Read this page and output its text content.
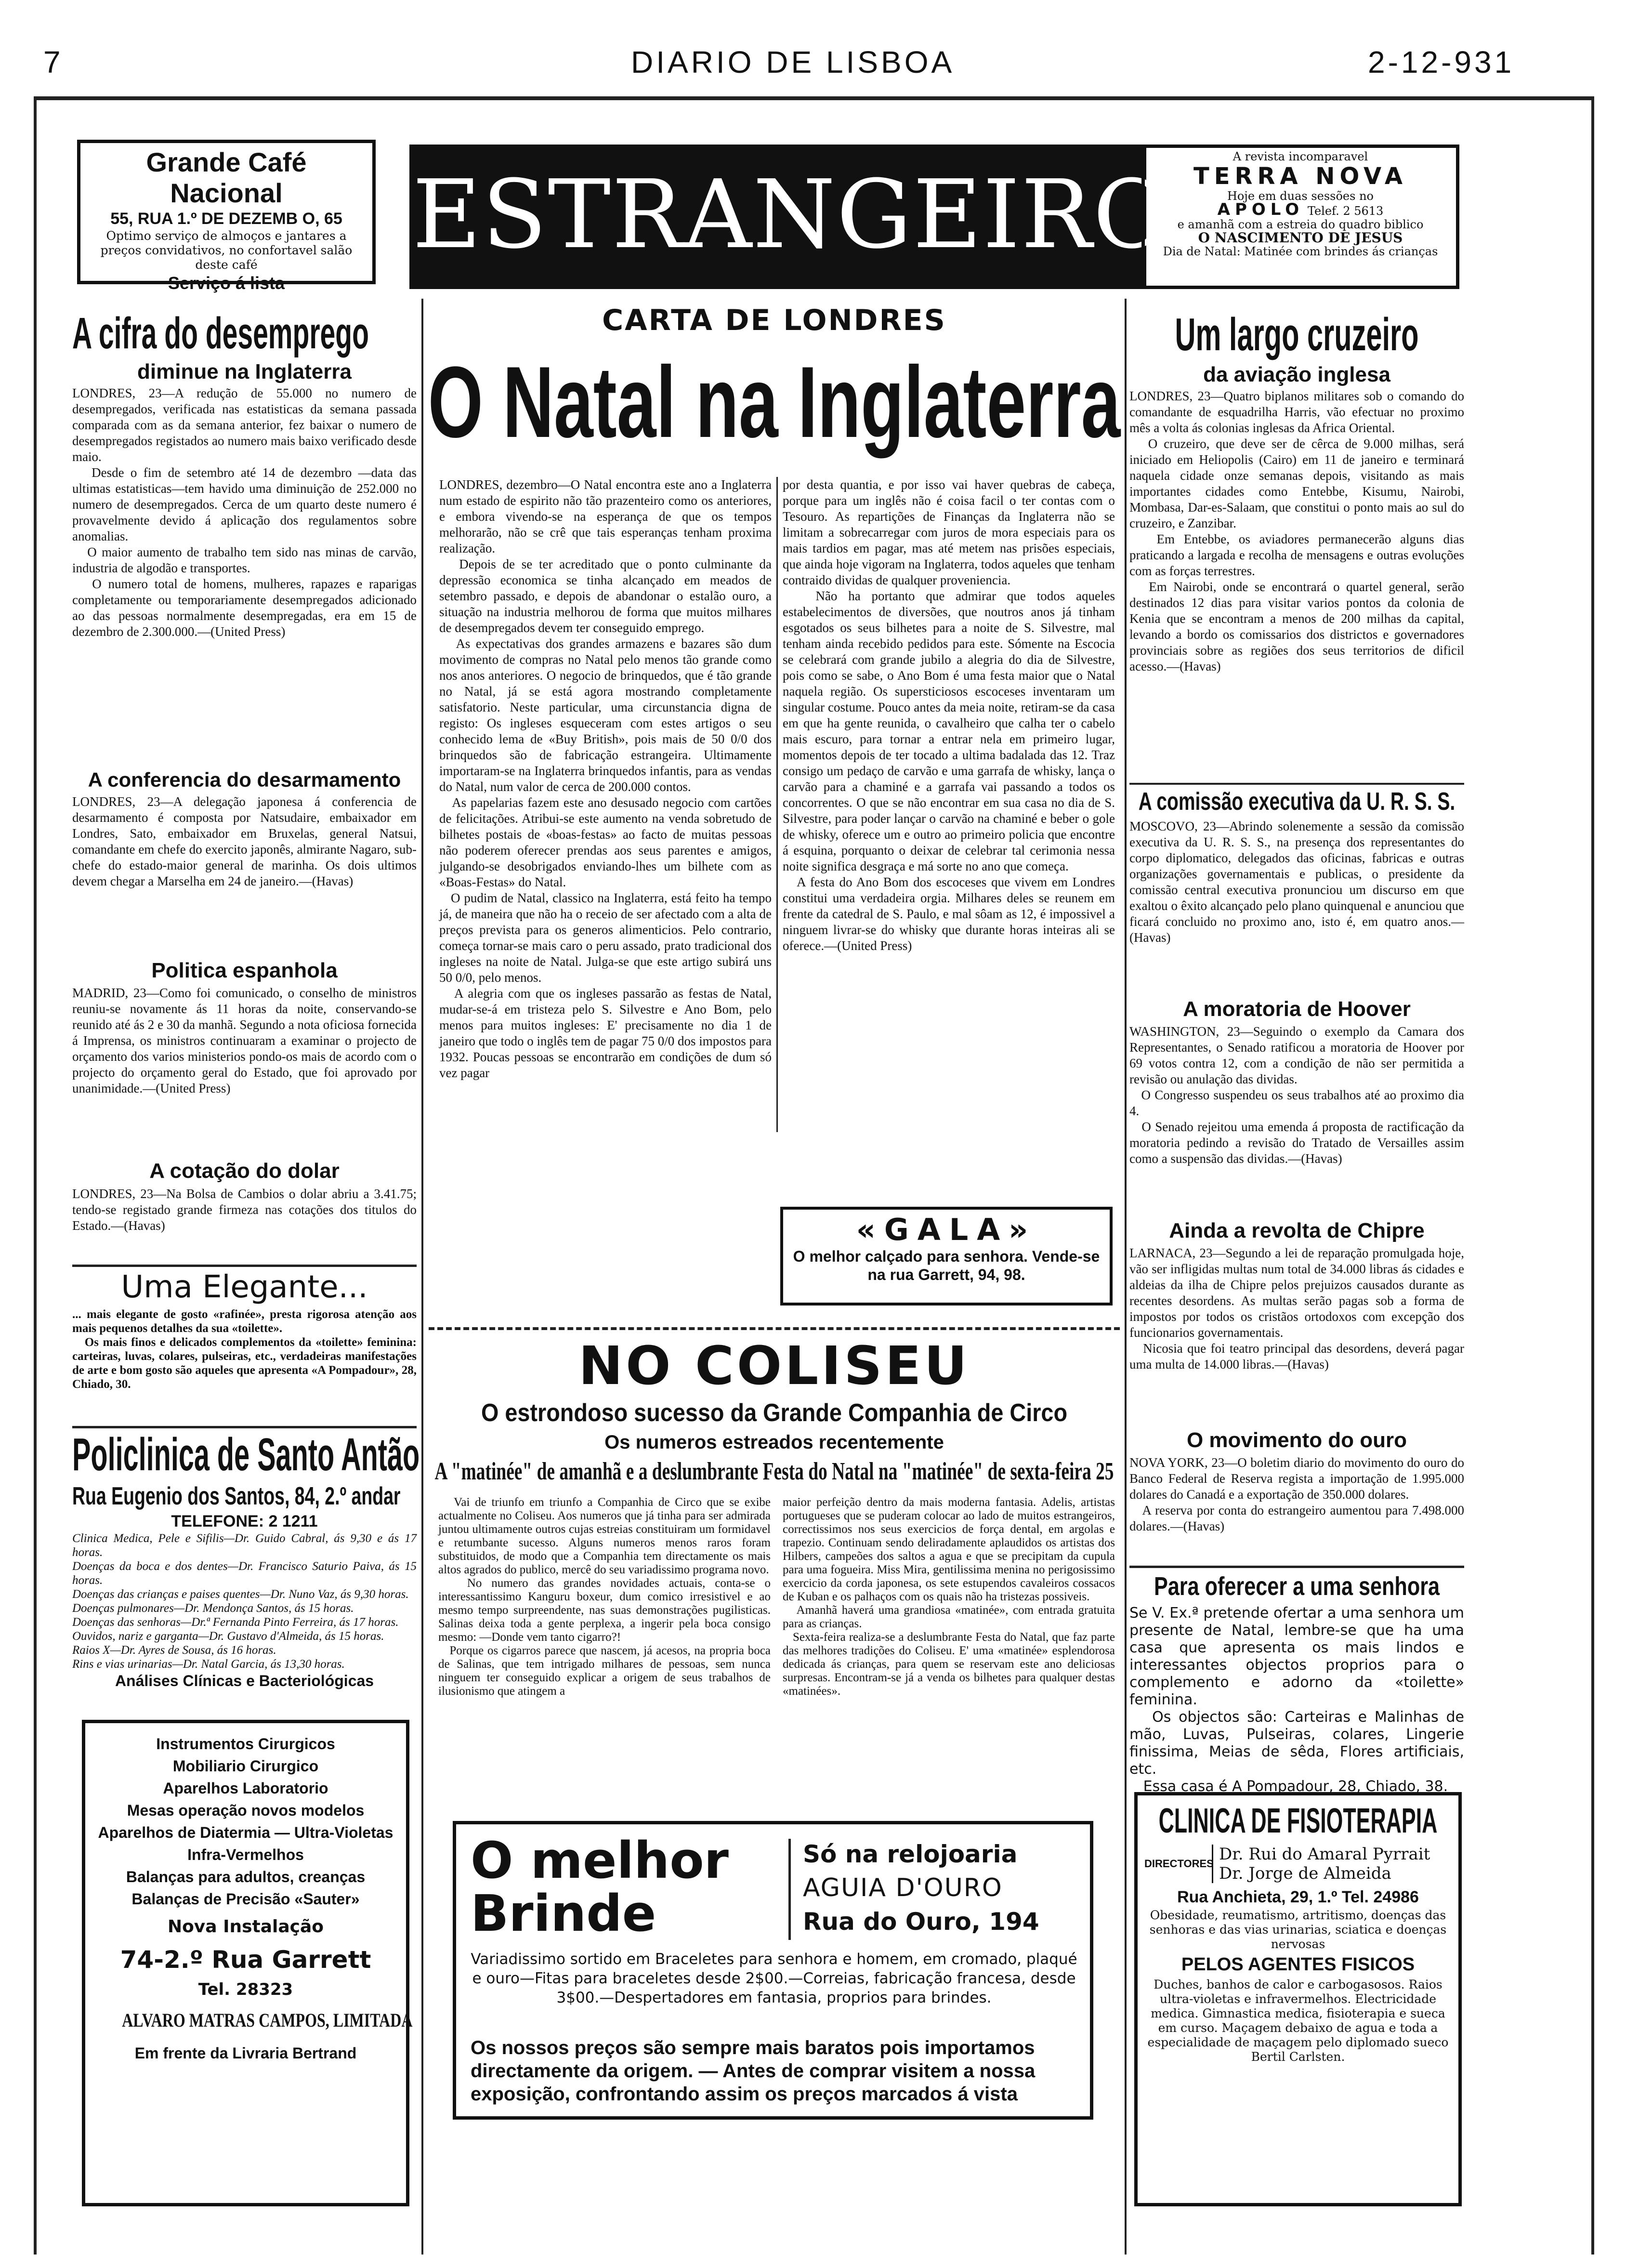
7	DIARIO DE LISBOA	2⁠‑12-931
Grande Café Nacional
55, RUA 1.º DE DEZEMB O, 65
Optimo serviço de almoços e jantares a preços convidativos, no confortavel salão deste café
Serviço á lista
ESTRANGEIRO
A revista incomparavel
TERRA NOVA
Hoje em duas sessões no
APOLO Telef. 2 5613
e amanhã com a estreia do quadro biblico
O NASCIMENTO DE JESUS
Dia de Natal: Matinée com brindes ás crianças
A cifra do desemprego
diminue na Inglaterra
LONDRES, 23—A redução de 55.000 no numero de desempregados, verificada nas estatisticas da semana passada comparada com as da semana anterior, fez baixar o numero de desempregados registados ao numero mais baixo verificado desde maio.
Desde o fim de setembro até 14 de dezembro —data das ultimas estatisticas—tem havido uma diminuição de 252.000 no numero de desempregados. Cerca de um quarto deste numero é provavelmente devido á aplicação dos regulamentos sobre anomalias.
O maior aumento de trabalho tem sido nas minas de carvão, industria de algodão e transportes.
O numero total de homens, mulheres, rapazes e raparigas completamente ou temporariamente desempregados adicionado ao das pessoas normalmente desempregadas, era em 15 de dezembro de 2.300.000.—(United Press)
A conferencia do desarmamento
LONDRES, 23—A delegação japonesa á conferencia de desarmamento é composta por Natsudaire, embaixador em Londres, Sato, embaixador em Bruxelas, general Natsui, comandante em chefe do exercito japonês, almirante Nagaro, sub-chefe do estado-maior general de marinha. Os dois ultimos devem chegar a Marselha em 24 de janeiro.—(Havas)
Politica espanhola
MADRID, 23—Como foi comunicado, o conselho de ministros reuniu-se novamente ás 11 horas da noite, conservando-se reunido até ás 2 e 30 da manhã. Segundo a nota oficiosa fornecida á Imprensa, os ministros continuaram a examinar o projecto de orçamento dos varios ministerios pondo-os mais de acordo com o projecto do orçamento geral do Estado, que foi aprovado por unanimidade.—(United Press)
A cotação do dolar
LONDRES, 23—Na Bolsa de Cambios o dolar abriu a 3.41.75; tendo-se registado grande firmeza nas cotações dos titulos do Estado.—(Havas)
Uma Elegante...
... mais elegante de gosto «rafinée», presta rigorosa atenção aos mais pequenos detalhes da sua «toilette».
Os mais finos e delicados complementos da «toilette» feminina: carteiras, luvas, colares, pulseiras, etc., verdadeiras manifestações de arte e bom gosto são aqueles que apresenta «A Pompadour», 28, Chiado, 30.
Policlinica de Santo Antão
Rua Eugenio dos Santos, 84, 2.º andar
TELEFONE: 2 1211
Clinica Medica, Pele e Sifilis—Dr. Guido Cabral, ás 9,30 e ás 17 horas.
Doenças da boca e dos dentes—Dr. Francisco Saturio Paiva, ás 15 horas.
Doenças das crianças e paises quentes—Dr. Nuno Vaz, ás 9,30 horas.
Doenças pulmonares—Dr. Mendonça Santos, ás 15 horas.
Doenças das senhoras—Dr.ª Fernanda Pinto Ferreira, ás 17 horas.
Ouvidos, nariz e garganta—Dr. Gustavo d'Almeida, ás 15 horas.
Raios X—Dr. Ayres de Sousa, ás 16 horas.
Rins e vias urinarias—Dr. Natal Garcia, ás 13,30 horas.
Análises Clínicas e Bacteriológicas
Instrumentos Cirurgicos
Mobiliario Cirurgico
Aparelhos Laboratorio
Mesas operação novos modelos
Aparelhos de Diatermia — Ultra-Violetas
Infra-Vermelhos
Balanças para adultos, creanças
Balanças de Precisão «Sauter»
Nova Instalação
74-2.º Rua Garrett
Tel. 28323
ALVARO MATRAS CAMPOS, LIMITADA
Em frente da Livraria Bertrand
CARTA DE LONDRES
O Natal na Inglaterra
LONDRES, dezembro—O Natal encontra este ano a Inglaterra num estado de espirito não tão prazenteiro como os anteriores, e embora vivendo-se na esperança de que os tempos melhorarão, não se crê que tais esperanças tenham proxima realização.
Depois de se ter acreditado que o ponto culminante da depressão economica se tinha alcançado em meados de setembro passado, e depois de abandonar o estalão ouro, a situação na industria melhorou de forma que muitos milhares de desempregados devem ter conseguido emprego.
As expectativas dos grandes armazens e bazares são dum movimento de compras no Natal pelo menos tão grande como nos anos anteriores. O negocio de brinquedos, que é tão grande no Natal, já se está agora mostrando completamente satisfatorio. Neste particular, uma circunstancia digna de registo: Os ingleses esqueceram com estes artigos o seu conhecido lema de «Buy British», pois mais de 50 0/0 dos brinquedos são de fabricação estrangeira. Ultimamente importaram-se na Inglaterra brinquedos infantis, para as vendas do Natal, num valor de cerca de 200.000 contos.
As papelarias fazem este ano desusado negocio com cartões de felicitações. Atribui-se este aumento na venda sobretudo de bilhetes postais de «boas-festas» ao facto de muitas pessoas não poderem oferecer prendas aos seus parentes e amigos, julgando-se desobrigados enviando-lhes um bilhete com as «Boas-Festas» do Natal.
O pudim de Natal, classico na Inglaterra, está feito ha tempo já, de maneira que não ha o receio de ser afectado com a alta de preços prevista para os generos alimenticios. Pelo contrario, começa tornar-se mais caro o peru assado, prato tradicional dos ingleses na noite de Natal. Julga-se que este artigo subirá uns 50 0/0, pelo menos.
A alegria com que os ingleses passarão as festas de Natal, mudar-se-á em tristeza pelo S. Silvestre e Ano Bom, pelo menos para muitos ingleses: E' precisamente no dia 1 de janeiro que todo o inglês tem de pagar 75 0/0 dos impostos para 1932. Poucas pessoas se encontrarão em condições de dum só vez pagar
por desta quantia, e por isso vai haver quebras de cabeça, porque para um inglês não é coisa facil o ter contas com o Tesouro. As repartições de Finanças da Inglaterra não se limitam a sobrecarregar com juros de mora especiais para os mais tardios em pagar, mas até metem nas prisões especiais, que ainda hoje vigoram na Inglaterra, todos aqueles que tenham contraido dividas de qualquer proveniencia.
Não ha portanto que admirar que todos aqueles estabelecimentos de diversões, que noutros anos já tinham esgotados os seus bilhetes para a noite de S. Silvestre, mal tenham ainda recebido pedidos para este. Sómente na Escocia se celebrará com grande jubilo a alegria do dia de Silvestre, pois como se sabe, o Ano Bom é uma festa maior que o Natal naquela região. Os supersticiosos escoceses inventaram um singular costume. Pouco antes da meia noite, retiram-se da casa em que ha gente reunida, o cavalheiro que calha ter o cabelo mais escuro, para tornar a entrar nela em primeiro lugar, momentos depois de ter tocado a ultima badalada das 12. Traz consigo um pedaço de carvão e uma garrafa de whisky, lança o carvão para a chaminé e a garrafa vai passando a todos os concorrentes. O que se não encontrar em sua casa no dia de S. Silvestre, para poder lançar o carvão na chaminé e beber o gole de whisky, oferece um e outro ao primeiro policia que encontre á esquina, porquanto o deixar de celebrar tal cerimonia nessa noite significa desgraça e má sorte no ano que começa.
A festa do Ano Bom dos escoceses que vivem em Londres constitui uma verdadeira orgia. Milhares deles se reunem em frente da catedral de S. Paulo, e mal sôam as 12, é impossivel a ninguem livrar-se do whisky que durante horas inteiras ali se oferece.—(United Press)
«GALA»
O melhor calçado para senhora. Vende-se na rua Garrett, 94, 98.
NO COLISEU
O estrondoso sucesso da Grande Companhia de Circo
Os numeros estreados recentemente
A "matinée" de amanhã e a deslumbrante Festa do Natal na "matinée" de sexta-feira 25
Vai de triunfo em triunfo a Companhia de Circo que se exibe actualmente no Coliseu. Aos numeros que já tinha para ser admirada juntou ultimamente outros cujas estreias constituiram um formidavel e retumbante sucesso. Alguns numeros menos raros foram substituidos, de modo que a Companhia tem directamente os mais altos agrados do publico, mercê do seu variadissimo programa novo.
No numero das grandes novidades actuais, conta-se o interessantissimo Kanguru boxeur, dum comico irresistivel e ao mesmo tempo surpreendente, nas suas demonstrações pugilisticas. Salinas deixa toda a gente perplexa, a ingerir pela boca consigo mesmo: —Donde vem tanto cigarro?!
Porque os cigarros parece que nascem, já acesos, na propria boca de Salinas, que tem intrigado milhares de pessoas, sem nunca ninguem ter conseguido explicar a origem de seus trabalhos de ilusionismo que atingem a
maior perfeição dentro da mais moderna fantasia. Adelis, artistas portugueses que se puderam colocar ao lado de muitos estrangeiros, correctissimos nos seus exercicios de força dental, em argolas e trapezio. Continuam sendo deliradamente aplaudidos os artistas dos Hilbers, campeões dos saltos a agua e que se precipitam da cupula para uma fogueira. Miss Mira, gentilissima menina no perigosissimo exercicio da corda japonesa, os sete estupendos cavaleiros cossacos de Kuban e os palhaços com os quais não ha tristezas possiveis.
Amanhã haverá uma grandiosa «matinée», com entrada gratuita para as crianças.
Sexta-feira realiza-se a deslumbrante Festa do Natal, que faz parte das melhores tradições do Coliseu. E' uma «matinée» esplendorosa dedicada ás crianças, para quem se reservam este ano deliciosas surpresas. Encontram-se já a venda os bilhetes para qualquer destas «matinées».
O melhor
Brinde
Só na relojoaria
AGUIA D'OURO
Rua do Ouro, 194
Variadissimo sortido em Braceletes para senhora e homem, em cromado, plaqué e ouro—Fitas para braceletes desde 2$00.—Correias, fabricação francesa, desde 3$00.—Despertadores em fantasia, proprios para brindes.
Os nossos preços são sempre mais baratos pois importamos directamente da origem. — Antes de comprar visitem a nossa exposição, confrontando assim os preços marcados á vista
Um largo cruzeiro
da aviação inglesa
LONDRES, 23—Quatro biplanos militares sob o comando do comandante de esquadrilha Harris, vão efectuar no proximo mês a volta ás colonias inglesas da Africa Oriental.
O cruzeiro, que deve ser de cêrca de 9.000 milhas, será iniciado em Heliopolis (Cairo) em 11 de janeiro e terminará naquela cidade onze semanas depois, visitando as mais importantes cidades como Entebbe, Kisumu, Nairobi, Mombasa, Dar-es-Salaam, que constitui o ponto mais ao sul do cruzeiro, e Zanzibar.
Em Entebbe, os aviadores permanecerão alguns dias praticando a largada e recolha de mensagens e outras evoluções com as forças terrestres.
Em Nairobi, onde se encontrará o quartel general, serão destinados 12 dias para visitar varios pontos da colonia de Kenia que se encontram a menos de 200 milhas da capital, levando a bordo os comissarios dos districtos e governadores provinciais sobre as regiões dos seus territorios de dificil acesso.—(Havas)
A comissão executiva da U. R. S. S.
MOSCOVO, 23—Abrindo solenemente a sessão da comissão executiva da U. R. S. S., na presença dos representantes do corpo diplomatico, delegados das oficinas, fabricas e outras organizações governamentais e publicas, o presidente da comissão central executiva pronunciou um discurso em que exaltou o êxito alcançado pelo plano quinquenal e anunciou que ficará concluido no proximo ano, isto é, em quatro anos.—(Havas)
A moratoria de Hoover
WASHINGTON, 23—Seguindo o exemplo da Camara dos Representantes, o Senado ratificou a moratoria de Hoover por 69 votos contra 12, com a condição de não ser permitida a revisão ou anulação das dividas.
O Congresso suspendeu os seus trabalhos até ao proximo dia 4.
O Senado rejeitou uma emenda á proposta de ractificação da moratoria pedindo a revisão do Tratado de Versailles assim como a suspensão das dividas.—(Havas)
Ainda a revolta de Chipre
LARNACA, 23—Segundo a lei de reparação promulgada hoje, vão ser infligidas multas num total de 34.000 libras ás cidades e aldeias da ilha de Chipre pelos prejuizos causados durante as recentes desordens. As multas serão pagas sob a forma de impostos por todos os cristãos ortodoxos com excepção dos funcionarios governamentais.
Nicosia que foi teatro principal das desordens, deverá pagar uma multa de 14.000 libras.—(Havas)
O movimento do ouro
NOVA YORK, 23—O boletim diario do movimento do ouro do Banco Federal de Reserva regista a importação de 1.995.000 dolares do Canadá e a exportação de 350.000 dolares.
A reserva por conta do estrangeiro aumentou para 7.498.000 dolares.—(Havas)
Para oferecer a uma senhora
Se V. Ex.ª pretende ofertar a uma senhora um presente de Natal, lembre-se que ha uma casa que apresenta os mais lindos e interessantes objectos proprios para o complemento e adorno da «toilette» feminina.
Os objectos são: Carteiras e Malinhas de mão, Luvas, Pulseiras, colares, Lingerie finissima, Meias de sêda, Flores artificiais, etc.
Essa casa é A Pompadour, 28, Chiado, 38.
CLINICA DE FISIOTERAPIA
DIRECTORES Dr. Rui do Amaral Pyrrait
Dr. Jorge de Almeida
Rua Anchieta, 29, 1.º Tel. 24986
Obesidade, reumatismo, artritismo, doenças das senhoras e das vias urinarias, sciatica e doenças nervosas
PELOS AGENTES FISICOS
Duches, banhos de calor e carbogasosos. Raios ultra-violetas e infravermelhos. Electricidade medica. Gimnastica medica, fisioterapia e sueca em curso. Maçagem debaixo de agua e toda a especialidade de maçagem pelo diplomado sueco Bertil Carlsten.
